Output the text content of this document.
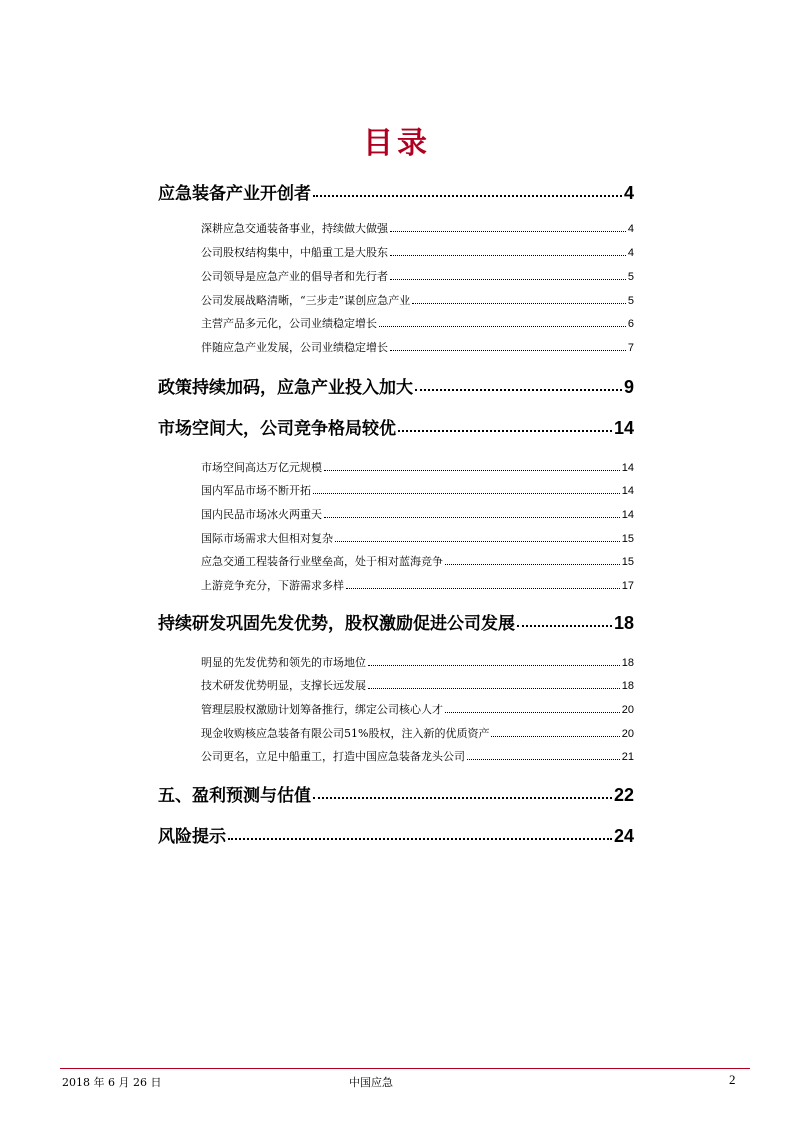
目录
应急装备产业开创者	4
深耕应急交通装备事业，持续做大做强	4
公司股权结构集中，中船重工是大股东	4
公司领导是应急产业的倡导者和先行者	5
公司发展战略清晰，“三步走”谋创应急产业	5
主营产品多元化，公司业绩稳定增长	6
伴随应急产业发展，公司业绩稳定增长	7
政策持续加码，应急产业投入加大	9
市场空间大，公司竞争格局较优	14
市场空间高达万亿元规模	14
国内军品市场不断开拓	14
国内民品市场冰火两重天	14
国际市场需求大但相对复杂	15
应急交通工程装备行业壁垒高，处于相对蓝海竞争	15
上游竞争充分，下游需求多样	17
持续研发巩固先发优势，股权激励促进公司发展	18
明显的先发优势和领先的市场地位	18
技术研发优势明显，支撑长远发展	18
管理层股权激励计划筹备推行，绑定公司核心人才	20
现金收购核应急装备有限公司51%股权，注入新的优质资产	20
公司更名，立足中船重工，打造中国应急装备龙头公司	21
五、盈利预测与估值	22
风险提示	24
2018 年 6 月 26 日	中国应急	2
